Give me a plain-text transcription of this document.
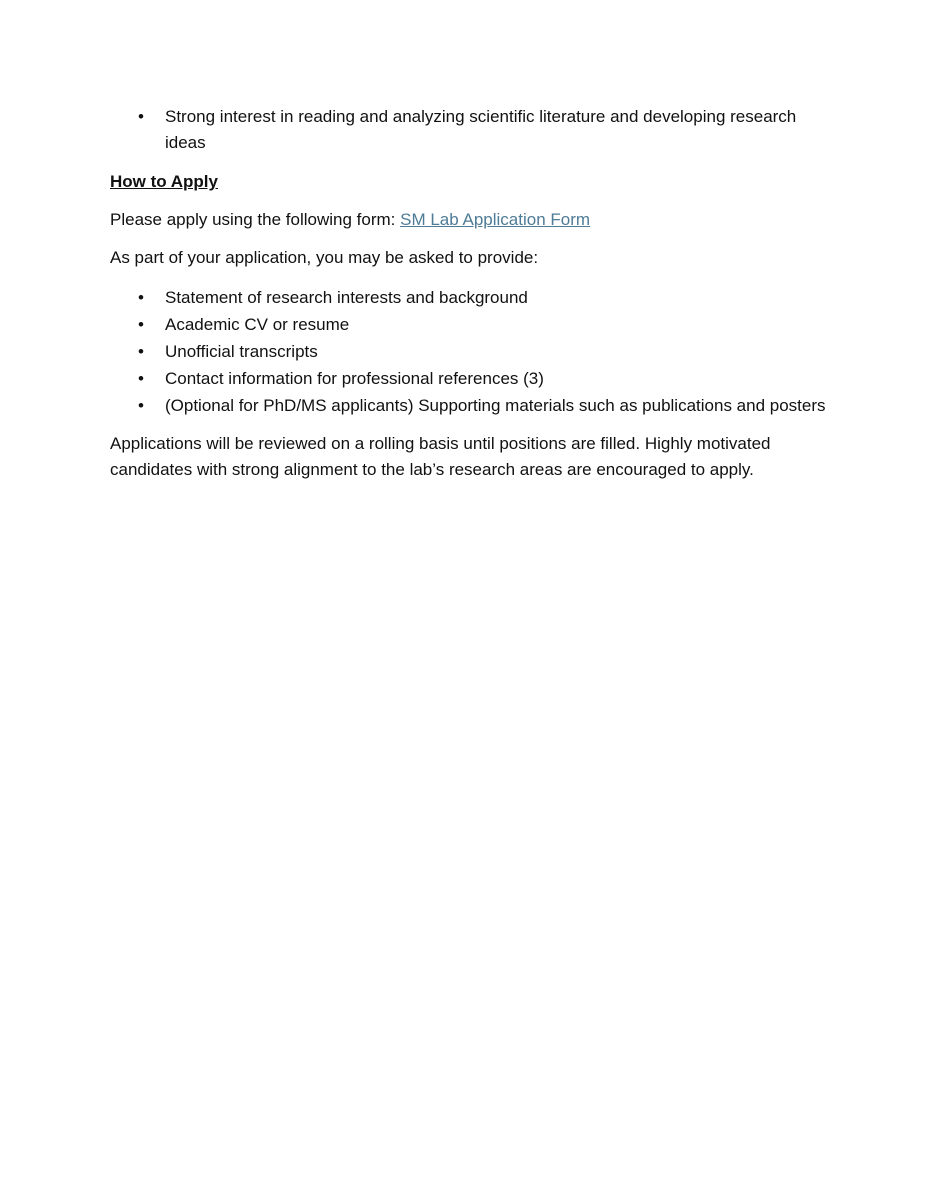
• Strong interest in reading and analyzing scientific literature and developing research ideas
How to Apply
Please apply using the following form: SM Lab Application Form
As part of your application, you may be asked to provide:
• Statement of research interests and background
• Academic CV or resume
• Unofficial transcripts
• Contact information for professional references (3)
• (Optional for PhD/MS applicants) Supporting materials such as publications and posters
Applications will be reviewed on a rolling basis until positions are filled. Highly motivated candidates with strong alignment to the lab’s research areas are encouraged to apply.
